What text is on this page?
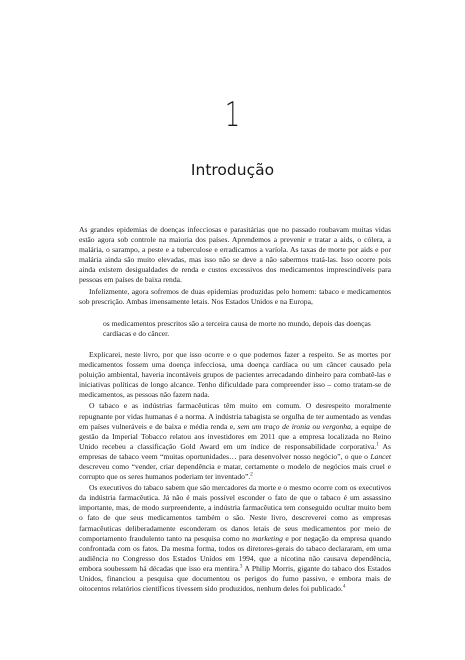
1
Introdução

As grandes epidemias de doenças infecciosas e parasitárias que no passado roubavam muitas vidas estão agora sob controle na maioria dos países. Aprendemos a prevenir e tratar a aids, o cólera, a malária, o sarampo, a peste e a tuberculose e erradicamos a varíola. As taxas de morte por aids e por malária ainda são muito elevadas, mas isso não se deve a não sabermos tratá-las. Isso ocorre pois ainda existem desigualdades de renda e custos excessivos dos medicamentos imprescindíveis para pessoas em países de baixa renda.

Infelizmente, agora sofremos de duas epidemias produzidas pelo homem: tabaco e medicamentos sob prescrição. Ambas imensamente letais. Nos Estados Unidos e na Europa,

os medicamentos prescritos são a terceira causa de morte no mundo, depois das doenças cardíacas e do câncer.

Explicarei, neste livro, por que isso ocorre e o que podemos fazer a respeito. Se as mortes por medicamentos fossem uma doença infecciosa, uma doença cardíaca ou um câncer causado pela poluição ambiental, haveria incontáveis grupos de pacientes arrecadando dinheiro para combatê-las e iniciativas políticas de longo alcance. Tenho dificuldade para compreender isso – como tratam-se de medicamentos, as pessoas não fazem nada.

O tabaco e as indústrias farmacêuticas têm muito em comum. O desrespeito moralmente repugnante por vidas humanas é a norma. A indústria tabagista se orgulha de ter aumentado as vendas em países vulneráveis e de baixa e média renda e, sem um traço de ironia ou vergonha, a equipe de gestão da Imperial Tobacco relatou aos investidores em 2011 que a empresa localizada no Reino Unido recebeu a classificação Gold Award em um índice de responsabilidade corporativa.$^1$ As empresas de tabaco veem “muitas oportunidades… para desenvolver nosso negócio”, o que o Lancet descreveu como “vender, criar dependência e matar, certamente o modelo de negócios mais cruel e corrupto que os seres humanos poderiam ter inventado”.$^2$

Os executivos do tabaco sabem que são mercadores da morte e o mesmo ocorre com os executivos da indústria farmacêutica. Já não é mais possível esconder o fato de que o tabaco é um assassino importante, mas, de modo surpreendente, a indústria farmacêutica tem conseguido ocultar muito bem o fato de que seus medicamentos também o são. Neste livro, descreverei como as empresas farmacêuticas deliberadamente esconderam os danos letais de seus medicamentos por meio de comportamento fraudulento tanto na pesquisa como no marketing e por negação da empresa quando confrontada com os fatos. Da mesma forma, todos os diretores-gerais do tabaco declararam, em uma audiência no Congresso dos Estados Unidos em 1994, que a nicotina não causava dependência, embora soubessem há décadas que isso era mentira.$^3$ A Philip Morris, gigante do tabaco dos Estados Unidos, financiou a pesquisa que documentou os perigos do fumo passivo, e embora mais de oitocentos relatórios científicos tivessem sido produzidos, nenhum deles foi publicado.$^4$
